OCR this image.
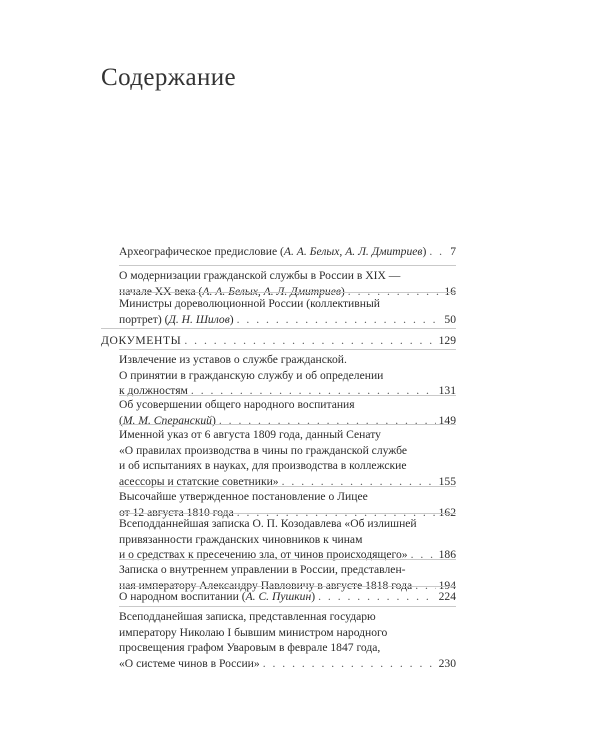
Содержание
Археографическое предисловие (А. А. Белых, А. Л. Дмитриев) . . . 7
О модернизации гражданской службы в России в XIX —
начале XX века (А. А. Белых, А. Л. Дмитриев) . . .	16
Министры дореволюционной России (коллективный
портрет) (Д. Н. Шилов) . . .	50
ДОКУМЕНТЫ . . .	129
Извлечение из уставов о службе гражданской.
О принятии в гражданскую службу и об определении
к должностям . . .	131
Об усовершении общего народного воспитания
(М. М. Сперанский) . . .	149
Именной указ от 6 августа 1809 года, данный Сенату
«О правилах производства в чины по гражданской службе
и об испытаниях в науках, для производства в коллежские
асессоры и статские советники» . . .	155
Высочайше утвержденное постановление о Лицее
от 12 августа 1810 года . . .	162
Всеподданнейшая записка О. П. Козодавлева «Об излишней
привязанности гражданских чиновников к чинам
и о средствах к пресечению зла, от чинов происходящего» . . .	186
Записка о внутреннем управлении в России, представлен-
ная императору Александру Павловичу в августе 1818 года . . . 194
О народном воспитании (А. С. Пушкин) . . .	224
Всеподданейшая записка, представленная государю
императору Николаю I бывшим министром народного
просвещения графом Уваровым в феврале 1847 года,
«О системе чинов в России» . . .	230
